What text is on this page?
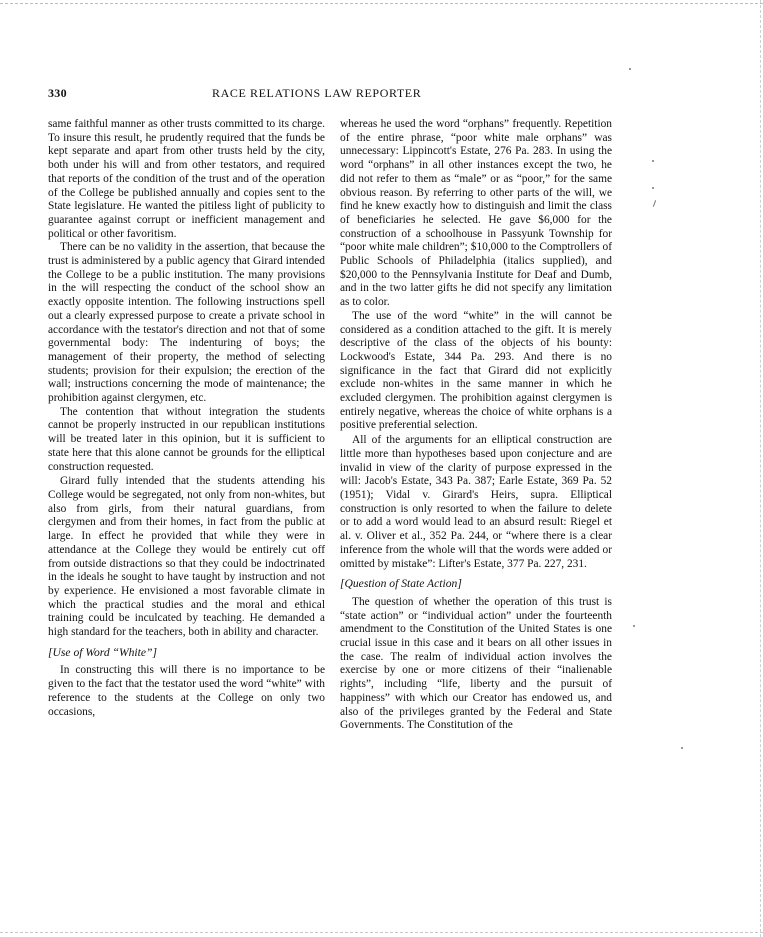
330	RACE RELATIONS LAW REPORTER

same faithful manner as other trusts committed to its charge. To insure this result, he prudently required that the funds be kept separate and apart from other trusts held by the city, both under his will and from other testators, and required that reports of the condition of the trust and of the operation of the College be published annually and copies sent to the State legislature. He wanted the pitiless light of publicity to guarantee against corrupt or inefficient management and political or other favoritism.

There can be no validity in the assertion, that because the trust is administered by a public agency that Girard intended the College to be a public institution. The many provisions in the will respecting the conduct of the school show an exactly opposite intention. The following instructions spell out a clearly expressed purpose to create a private school in accordance with the testator's direction and not that of some governmental body: The indenturing of boys; the management of their property, the method of selecting students; provision for their expulsion; the erection of the wall; instructions concerning the mode of maintenance; the prohibition against clergymen, etc.

The contention that without integration the students cannot be properly instructed in our republican institutions will be treated later in this opinion, but it is sufficient to state here that this alone cannot be grounds for the elliptical construction requested.

Girard fully intended that the students attending his College would be segregated, not only from non-whites, but also from girls, from their natural guardians, from clergymen and from their homes, in fact from the public at large. In effect he provided that while they were in attendance at the College they would be entirely cut off from outside distractions so that they could be indoctrinated in the ideals he sought to have taught by instruction and not by experience. He envisioned a most favorable climate in which the practical studies and the moral and ethical training could be inculcated by teaching. He demanded a high standard for the teachers, both in ability and character.

[Use of Word “White”]

In constructing this will there is no importance to be given to the fact that the testator used the word “white” with reference to the students at the College on only two occasions,

whereas he used the word “orphans” frequently. Repetition of the entire phrase, “poor white male orphans” was unnecessary: Lippincott's Estate, 276 Pa. 283. In using the word “orphans” in all other instances except the two, he did not refer to them as “male” or as “poor,” for the same obvious reason. By referring to other parts of the will, we find he knew exactly how to distinguish and limit the class of beneficiaries he selected. He gave $6,000 for the construction of a schoolhouse in Passyunk Township for “poor white male children”; $10,000 to the Comptrollers of Public Schools of Philadelphia (italics supplied), and $20,000 to the Pennsylvania Institute for Deaf and Dumb, and in the two latter gifts he did not specify any limitation as to color.

The use of the word “white” in the will cannot be considered as a condition attached to the gift. It is merely descriptive of the class of the objects of his bounty: Lockwood's Estate, 344 Pa. 293. And there is no significance in the fact that Girard did not explicitly exclude non-whites in the same manner in which he excluded clergymen. The prohibition against clergymen is entirely negative, whereas the choice of white orphans is a positive preferential selection.

All of the arguments for an elliptical construction are little more than hypotheses based upon conjecture and are invalid in view of the clarity of purpose expressed in the will: Jacob's Estate, 343 Pa. 387; Earle Estate, 369 Pa. 52 (1951); Vidal v. Girard's Heirs, supra. Elliptical construction is only resorted to when the failure to delete or to add a word would lead to an absurd result: Riegel et al. v. Oliver et al., 352 Pa. 244, or “where there is a clear inference from the whole will that the words were added or omitted by mistake”: Lifter's Estate, 377 Pa. 227, 231.

[Question of State Action]

The question of whether the operation of this trust is “state action” or “individual action” under the fourteenth amendment to the Constitution of the United States is one crucial issue in this case and it bears on all other issues in the case. The realm of individual action involves the exercise by one or more citizens of their “inalienable rights”, including “life, liberty and the pursuit of happiness” with which our Creator has endowed us, and also of the privileges granted by the Federal and State Governments. The Constitution of the
